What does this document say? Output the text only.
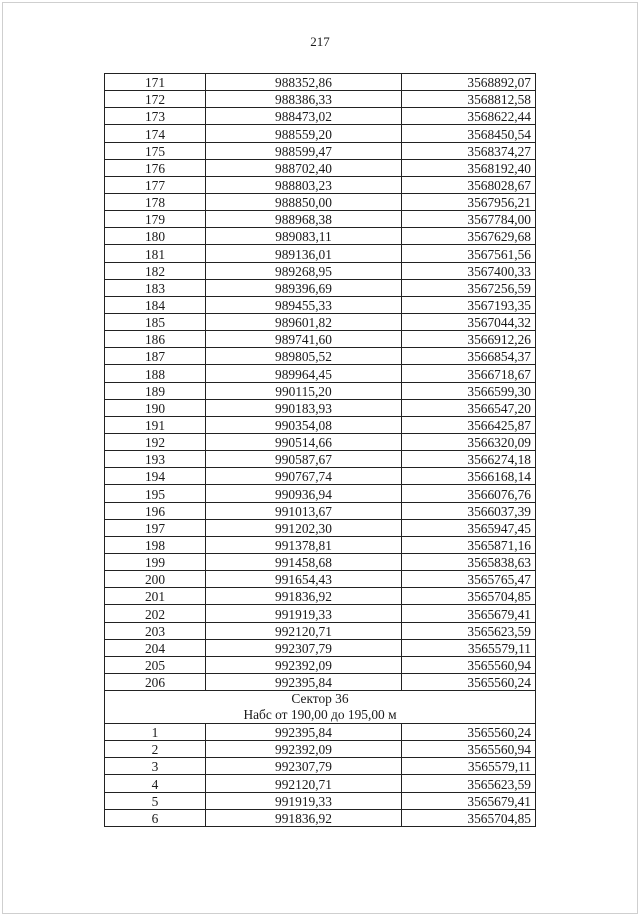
217
171	988352,86	3568892,07
172	988386,33	3568812,58
173	988473,02	3568622,44
174	988559,20	3568450,54
175	988599,47	3568374,27
176	988702,40	3568192,40
177	988803,23	3568028,67
178	988850,00	3567956,21
179	988968,38	3567784,00
180	989083,11	3567629,68
181	989136,01	3567561,56
182	989268,95	3567400,33
183	989396,69	3567256,59
184	989455,33	3567193,35
185	989601,82	3567044,32
186	989741,60	3566912,26
187	989805,52	3566854,37
188	989964,45	3566718,67
189	990115,20	3566599,30
190	990183,93	3566547,20
191	990354,08	3566425,87
192	990514,66	3566320,09
193	990587,67	3566274,18
194	990767,74	3566168,14
195	990936,94	3566076,76
196	991013,67	3566037,39
197	991202,30	3565947,45
198	991378,81	3565871,16
199	991458,68	3565838,63
200	991654,43	3565765,47
201	991836,92	3565704,85
202	991919,33	3565679,41
203	992120,71	3565623,59
204	992307,79	3565579,11
205	992392,09	3565560,94
206	992395,84	3565560,24
Сектор 36
Набс от 190,00 до 195,00 м		
1	992395,84	3565560,24
2	992392,09	3565560,94
3	992307,79	3565579,11
4	992120,71	3565623,59
5	991919,33	3565679,41
6	991836,92	3565704,85
